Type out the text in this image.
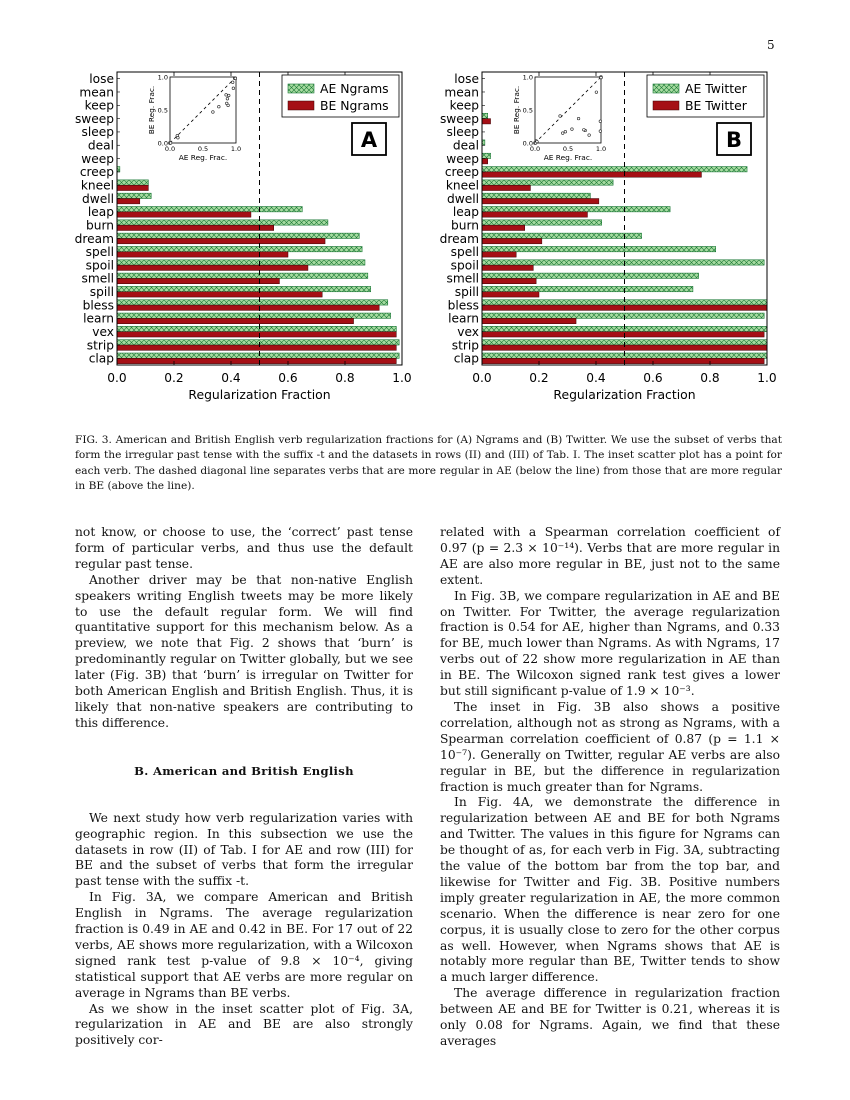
5
lose
mean
keep
sweep
sleep
deal
weep
creep
kneel
dwell
leap
burn
dream
spell
spoil
smell
spill
bless
learn
vex
strip
clap
0.0	0.2	0.4	0.6	0.8	1.0
Regularization Fraction
AE Ngrams
BE Ngrams
A
0.0	0.5	1.0
0.0
0.5
1.0
AE Reg. Frac.
BE Reg. Frac.
lose
mean
keep
sweep
sleep
deal
weep
creep
kneel
dwell
leap
burn
dream
spell
spoil
smell
spill
bless
learn
vex
strip
clap
0.0	0.2	0.4	0.6	0.8	1.0
Regularization Fraction
AE Twitter
BE Twitter
B
0.0	0.5	1.0
0.0
0.5
1.0
AE Reg. Frac.
BE Reg. Frac.
FIG. 3. American and British English verb regularization fractions for (A) Ngrams and (B) Twitter. We use the subset of verbs that form the irregular past tense with the suffix -t and the datasets in rows (II) and (III) of Tab. I. The inset scatter plot has a point for each verb. The dashed diagonal line separates verbs that are more regular in AE (below the line) from those that are more regular in BE (above the line).

not know, or choose to use, the ‘correct’ past tense form of particular verbs, and thus use the default regular past tense.

Another driver may be that non-native English speakers writing English tweets may be more likely to use the default regular form. We will find quantitative support for this mechanism below. As a preview, we note that Fig. 2 shows that ‘burn’ is predominantly regular on Twitter globally, but we see later (Fig. 3B) that ‘burn’ is irregular on Twitter for both American English and British English. Thus, it is likely that non-native speakers are contributing to this difference.

B. American and British English

We next study how verb regularization varies with geographic region. In this subsection we use the datasets in row (II) of Tab. I for AE and row (III) for BE and the subset of verbs that form the irregular past tense with the suffix -t.

In Fig. 3A, we compare American and British English in Ngrams. The average regularization fraction is 0.49 in AE and 0.42 in BE. For 17 out of 22 verbs, AE shows more regularization, with a Wilcoxon signed rank test p-value of 9.8 × 10⁻⁴, giving statistical support that AE verbs are more regular on average in Ngrams than BE verbs.

As we show in the inset scatter plot of Fig. 3A, regularization in AE and BE are also strongly positively cor-

related with a Spearman correlation coefficient of 0.97 (p = 2.3 × 10⁻¹⁴). Verbs that are more regular in AE are also more regular in BE, just not to the same extent.

In Fig. 3B, we compare regularization in AE and BE on Twitter. For Twitter, the average regularization fraction is 0.54 for AE, higher than Ngrams, and 0.33 for BE, much lower than Ngrams. As with Ngrams, 17 verbs out of 22 show more regularization in AE than in BE. The Wilcoxon signed rank test gives a lower but still significant p-value of 1.9 × 10⁻³.

The inset in Fig. 3B also shows a positive correlation, although not as strong as Ngrams, with a Spearman correlation coefficient of 0.87 (p = 1.1 × 10⁻⁷). Generally on Twitter, regular AE verbs are also regular in BE, but the difference in regularization fraction is much greater than for Ngrams.

In Fig. 4A, we demonstrate the difference in regularization between AE and BE for both Ngrams and Twitter. The values in this figure for Ngrams can be thought of as, for each verb in Fig. 3A, subtracting the value of the bottom bar from the top bar, and likewise for Twitter and Fig. 3B. Positive numbers imply greater regularization in AE, the more common scenario. When the difference is near zero for one corpus, it is usually close to zero for the other corpus as well. However, when Ngrams shows that AE is notably more regular than BE, Twitter tends to show a much larger difference.

The average difference in regularization fraction between AE and BE for Twitter is 0.21, whereas it is only 0.08 for Ngrams. Again, we find that these averages
